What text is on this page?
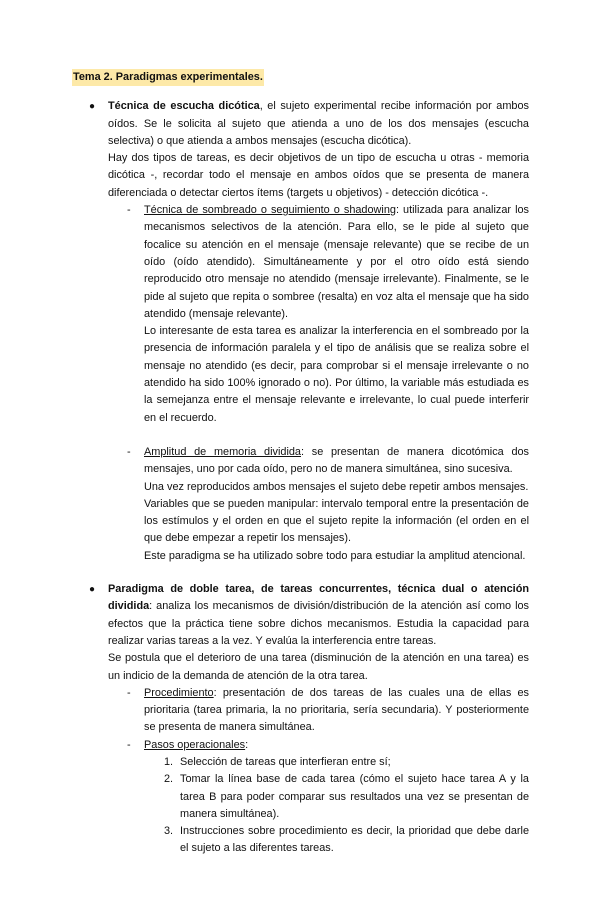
Tema 2. Paradigmas experimentales.
● Técnica de escucha dicótica, el sujeto experimental recibe información por ambos oídos. Se le solicita al sujeto que atienda a uno de los dos mensajes (escucha selectiva) o que atienda a ambos mensajes (escucha dicótica).

Hay dos tipos de tareas, es decir objetivos de un tipo de escucha u otras - memoria dicótica -, recordar todo el mensaje en ambos oídos que se presenta de manera diferenciada o detectar ciertos ítems (targets u objetivos) - detección dicótica -.

- Técnica de sombreado o seguimiento o shadowing: utilizada para analizar los mecanismos selectivos de la atención. Para ello, se le pide al sujeto que focalice su atención en el mensaje (mensaje relevante) que se recibe de un oído (oído atendido). Simultáneamente y por el otro oído está siendo reproducido otro mensaje no atendido (mensaje irrelevante). Finalmente, se le pide al sujeto que repita o sombree (resalta) en voz alta el mensaje que ha sido atendido (mensaje relevante).

Lo interesante de esta tarea es analizar la interferencia en el sombreado por la presencia de información paralela y el tipo de análisis que se realiza sobre el mensaje no atendido (es decir, para comprobar si el mensaje irrelevante o no atendido ha sido 100% ignorado o no). Por último, la variable más estudiada es la semejanza entre el mensaje relevante e irrelevante, lo cual puede interferir en el recuerdo.

- Amplitud de memoria dividida: se presentan de manera dicotómica dos mensajes, uno por cada oído, pero no de manera simultánea, sino sucesiva.

Una vez reproducidos ambos mensajes el sujeto debe repetir ambos mensajes.

Variables que se pueden manipular: intervalo temporal entre la presentación de los estímulos y el orden en que el sujeto repite la información (el orden en el que debe empezar a repetir los mensajes).

Este paradigma se ha utilizado sobre todo para estudiar la amplitud atencional.

● Paradigma de doble tarea, de tareas concurrentes, técnica dual o atención dividida: analiza los mecanismos de división/distribución de la atención así como los efectos que la práctica tiene sobre dichos mecanismos. Estudia la capacidad para realizar varias tareas a la vez. Y evalúa la interferencia entre tareas.

Se postula que el deterioro de una tarea (disminución de la atención en una tarea) es un indicio de la demanda de atención de la otra tarea.

- Procedimiento: presentación de dos tareas de las cuales una de ellas es prioritaria (tarea primaria, la no prioritaria, sería secundaria). Y posteriormente se presenta de manera simultánea.

- Pasos operacionales:

1. Selección de tareas que interfieran entre sí;

2. Tomar la línea base de cada tarea (cómo el sujeto hace tarea A y la tarea B para poder comparar sus resultados una vez se presentan de manera simultánea).

3. Instrucciones sobre procedimiento es decir, la prioridad que debe darle el sujeto a las diferentes tareas.
